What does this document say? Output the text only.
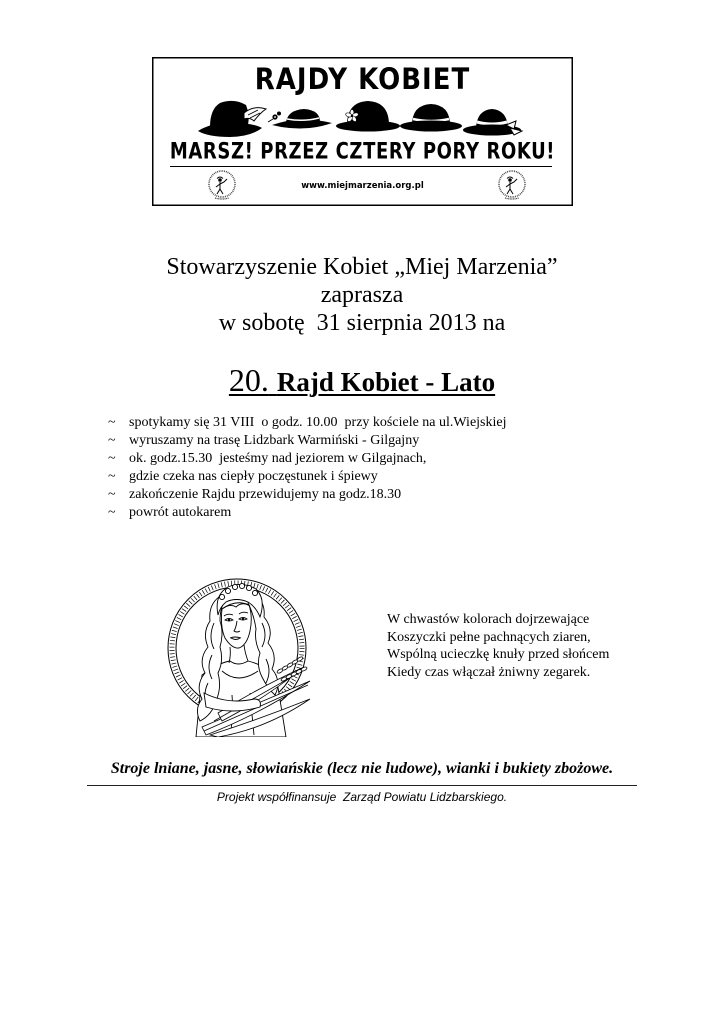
RAJDY KOBIET
MARSZ! PRZEZ CZTERY PORY ROKU!
www.miejmarzenia.org.pl
Stowarzyszenie Kobiet „Miej Marzenia”
zaprasza
w sobotę  31 sierpnia 2013 na
20. Rajd Kobiet - Lato

~

spotykamy się 31 VIII  o godz. 10.00  przy kościele na ul.Wiejskiej

~

wyruszamy na trasę Lidzbark Warmiński - Gilgajny

~

ok. godz.15.30  jesteśmy nad jeziorem w Gilgajnach,

~

gdzie czeka nas ciepły poczęstunek i śpiewy

~

zakończenie Rajdu przewidujemy na godz.18.30

~

powrót autokarem

W chwastów kolorach dojrzewające
Koszyczki pełne pachnących ziaren,
Wspólną ucieczkę knuły przed słońcem
Kiedy czas włączał żniwny zegarek.
Stroje lniane, jasne, słowiańskie (lecz nie ludowe), wianki i bukiety zbożowe.
Projekt współfinansuje  Zarząd Powiatu Lidzbarskiego.
